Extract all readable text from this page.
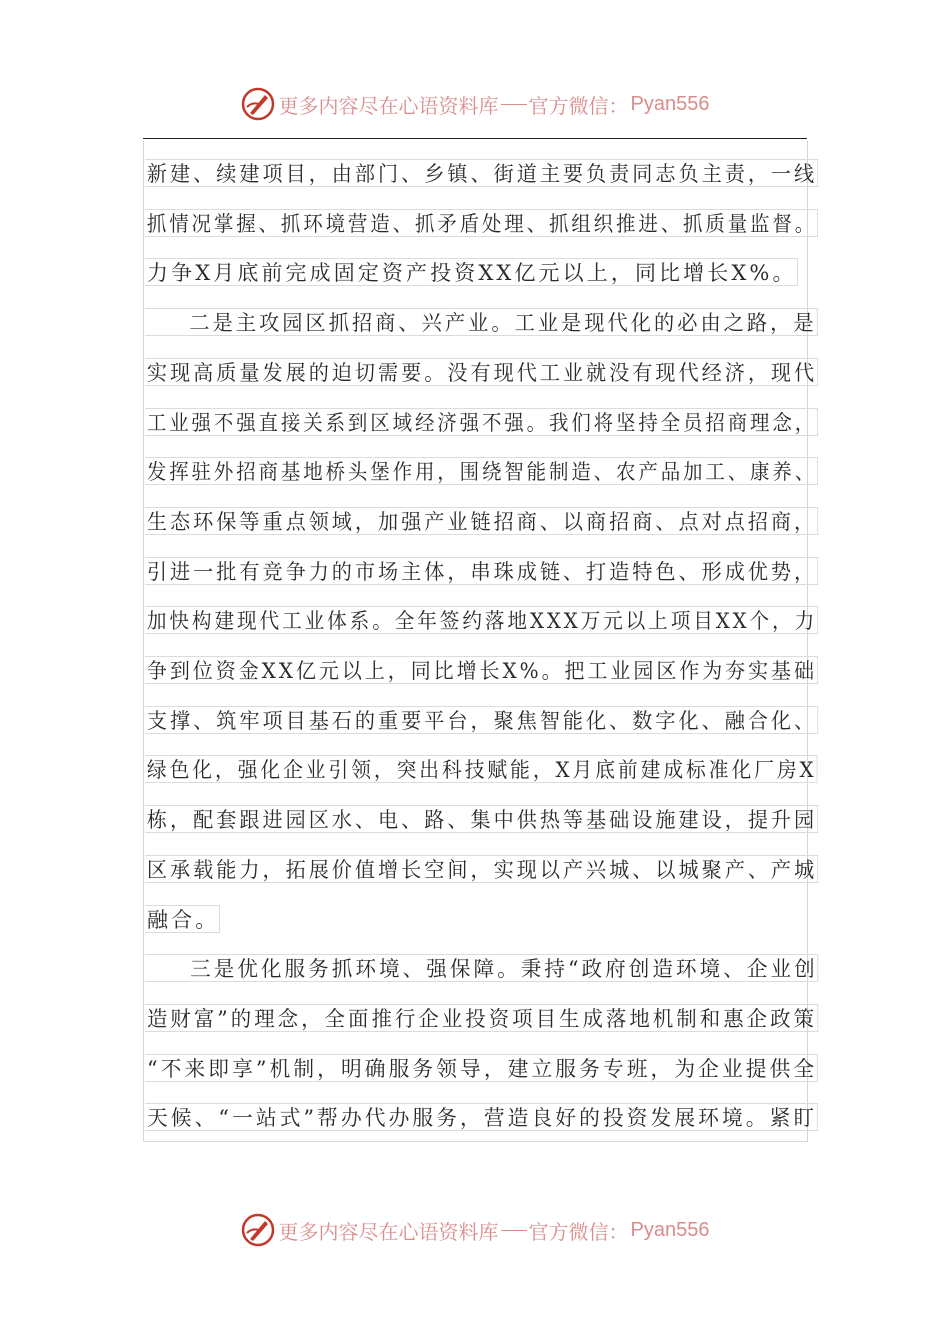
更多内容尽在心语资料库 官方微信： Pyan556
新建、续建项目，由部门、乡镇、街道主要负责同志负主责，一线
抓情况掌握、抓环境营造、抓矛盾处理、抓组织推进、抓质量监督。
力争X月底前完成固定资产投资XX亿元以上，同比增长X%。
二是主攻园区抓招商、兴产业。工业是现代化的必由之路，是
实现高质量发展的迫切需要。没有现代工业就没有现代经济，现代
工业强不强直接关系到区域经济强不强。我们将坚持全员招商理念，
发挥驻外招商基地桥头堡作用，围绕智能制造、农产品加工、康养、
生态环保等重点领域，加强产业链招商、以商招商、点对点招商，
引进一批有竞争力的市场主体，串珠成链、打造特色、形成优势，
加快构建现代工业体系。全年签约落地XXX万元以上项目XX个，力
争到位资金XX亿元以上，同比增长X%。把工业园区作为夯实基础
支撑、筑牢项目基石的重要平台，聚焦智能化、数字化、融合化、
绿色化，强化企业引领，突出科技赋能，X月底前建成标准化厂房X
栋，配套跟进园区水、电、路、集中供热等基础设施建设，提升园
区承载能力，拓展价值增长空间，实现以产兴城、以城聚产、产城
融合。
三是优化服务抓环境、强保障。秉持“政府创造环境、企业创
造财富”的理念，全面推行企业投资项目生成落地机制和惠企政策
“不来即享”机制，明确服务领导，建立服务专班，为企业提供全
天候、“一站式”帮办代办服务，营造良好的投资发展环境。紧盯
更多内容尽在心语资料库 官方微信： Pyan556
